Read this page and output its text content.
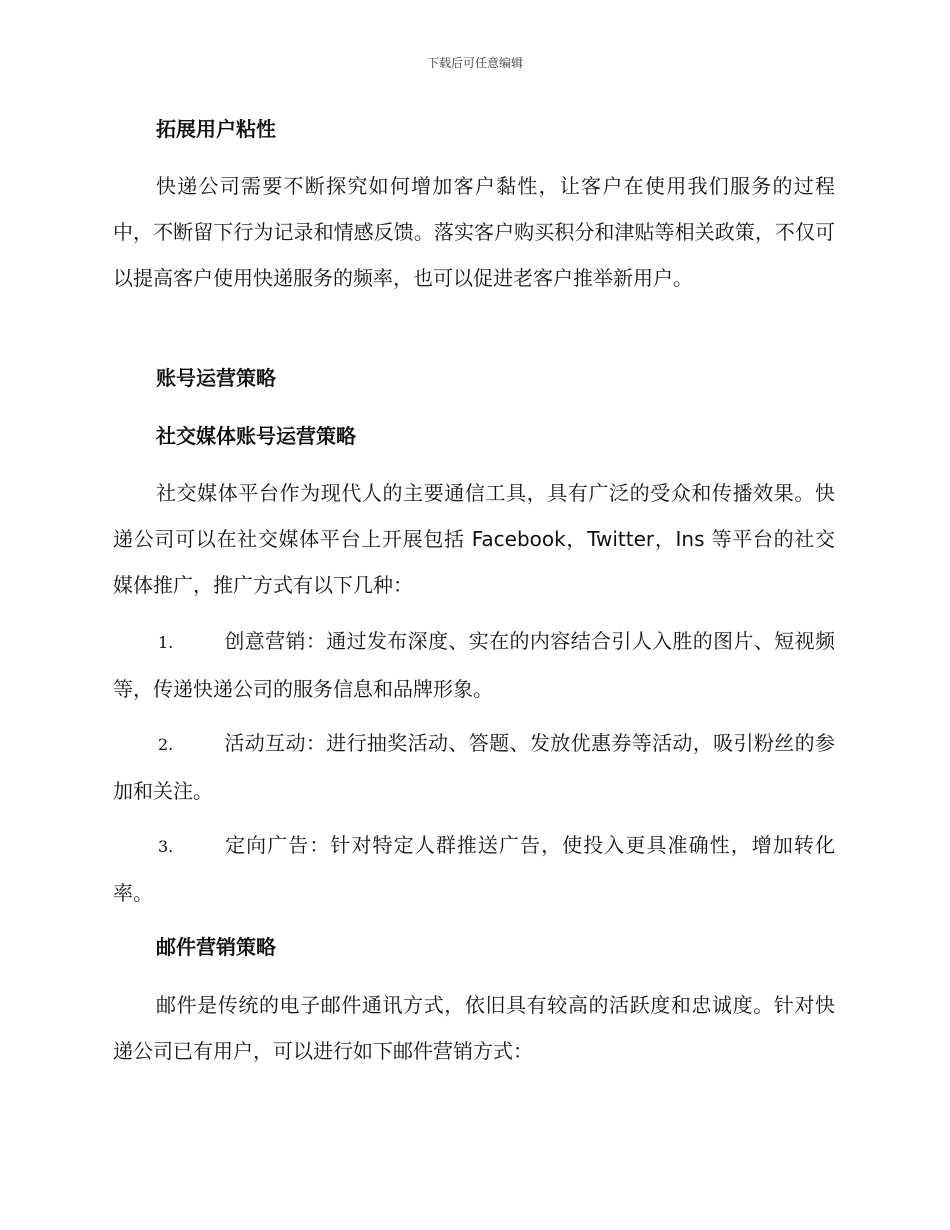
下载后可任意编辑
拓展用户粘性

快递公司需要不断探究如何增加客户黏性，让客户在使用我们服务的过程中，不断留下行为记录和情感反馈。落实客户购买积分和津贴等相关政策，不仅可以提高客户使用快递服务的频率，也可以促进老客户推举新用户。

账号运营策略
社交媒体账号运营策略

社交媒体平台作为现代人的主要通信工具，具有广泛的受众和传播效果。快递公司可以在社交媒体平台上开展包括 Facebook，Twitter，Ins 等平台的社交媒体推广，推广方式有以下几种：

1.	创意营销：通过发布深度、实在的内容结合引人入胜的图片、短视频等，传递快递公司的服务信息和品牌形象。

2.	活动互动：进行抽奖活动、答题、发放优惠券等活动，吸引粉丝的参加和关注。

3.	定向广告：针对特定人群推送广告，使投入更具准确性，增加转化率。

邮件营销策略

邮件是传统的电子邮件通讯方式，依旧具有较高的活跃度和忠诚度。针对快递公司已有用户，可以进行如下邮件营销方式：
